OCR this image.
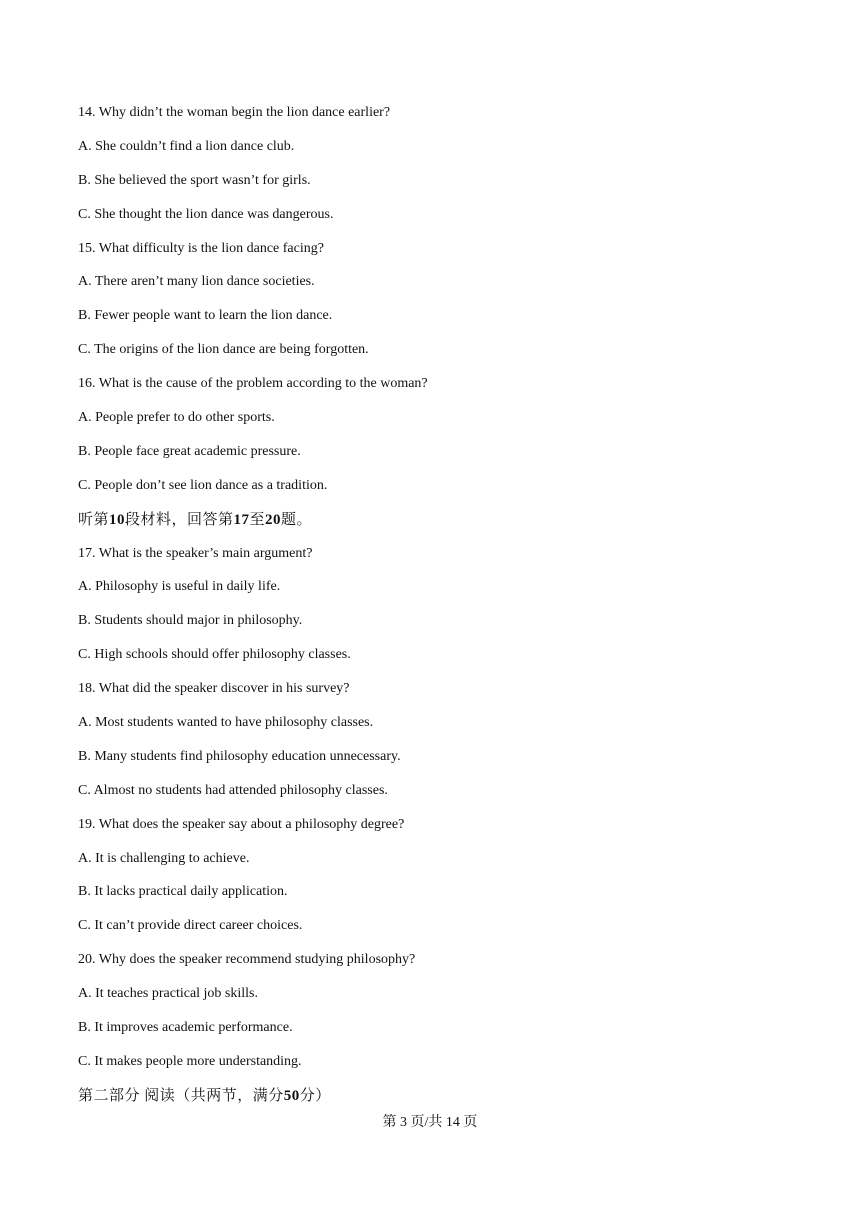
14. Why didn’t the woman begin the lion dance earlier?
A. She couldn’t find a lion dance club.
B. She believed the sport wasn’t for girls.
C. She thought the lion dance was dangerous.
15. What difficulty is the lion dance facing?
A. There aren’t many lion dance societies.
B. Fewer people want to learn the lion dance.
C. The origins of the lion dance are being forgotten.
16. What is the cause of the problem according to the woman?
A. People prefer to do other sports.
B. People face great academic pressure.
C. People don’t see lion dance as a tradition.
听第10段材料，回答第17至20题。
17. What is the speaker’s main argument?
A. Philosophy is useful in daily life.
B. Students should major in philosophy.
C. High schools should offer philosophy classes.
18. What did the speaker discover in his survey?
A. Most students wanted to have philosophy classes.
B. Many students find philosophy education unnecessary.
C. Almost no students had attended philosophy classes.
19. What does the speaker say about a philosophy degree?
A. It is challenging to achieve.
B. It lacks practical daily application.
C. It can’t provide direct career choices.
20. Why does the speaker recommend studying philosophy?
A. It teaches practical job skills.
B. It improves academic performance.
C. It makes people more understanding.
第二部分 阅读（共两节，满分50分）
第 3 页/共 14 页
